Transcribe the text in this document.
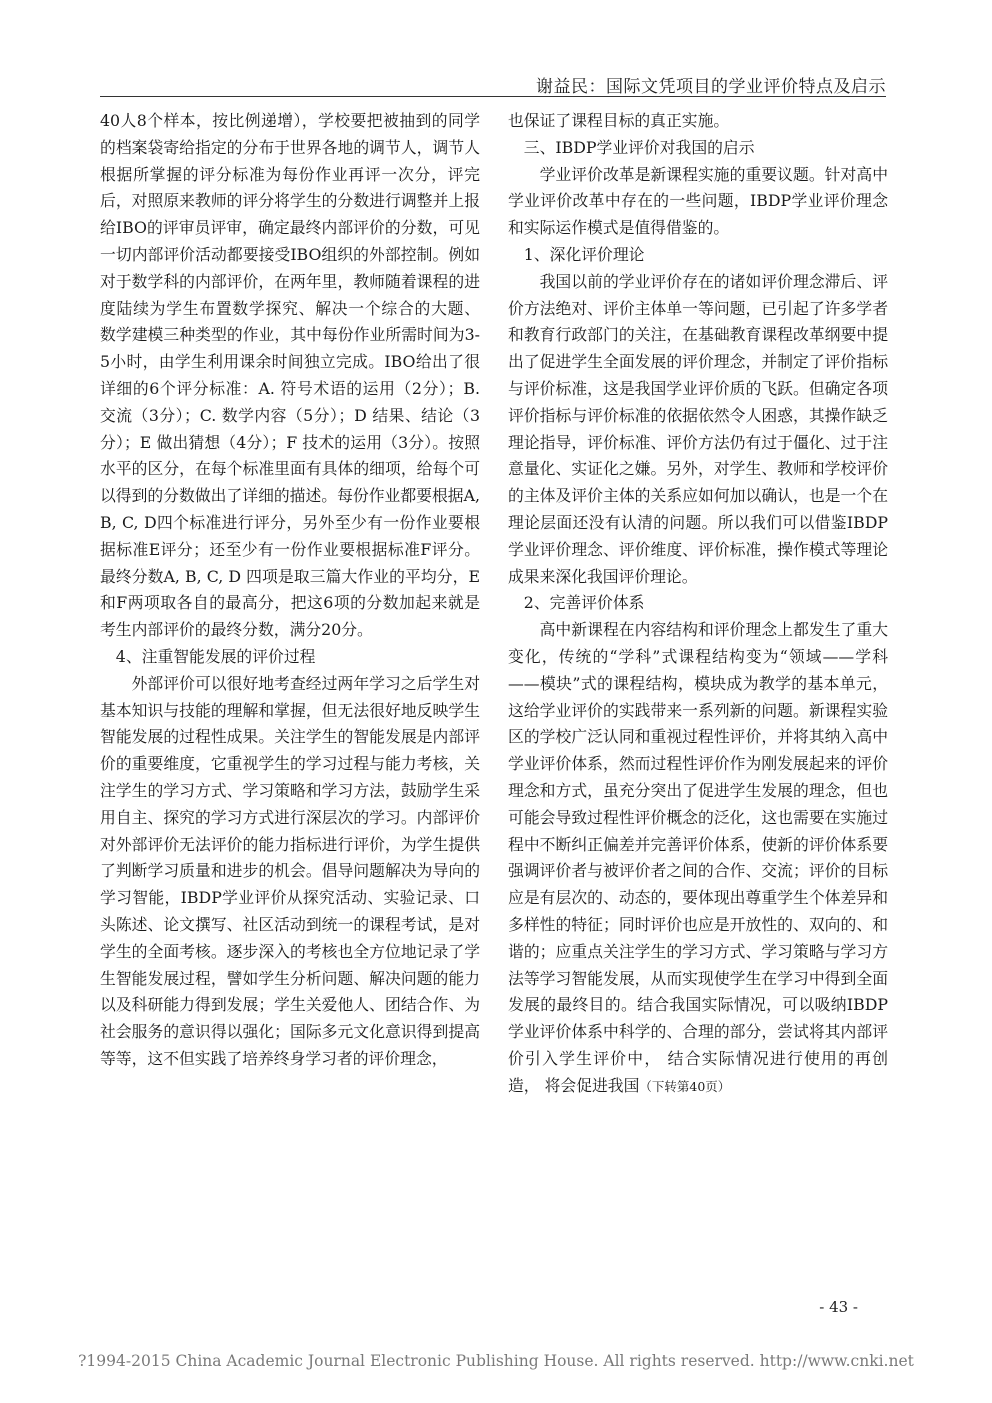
谢益民：国际文凭项目的学业评价特点及启示

40人8个样本，按比例递增），学校要把被抽到的同学的档案袋寄给指定的分布于世界各地的调节人，调节人根据所掌握的评分标准为每份作业再评一次分，评完后，对照原来教师的评分将学生的分数进行调整并上报给IBO的评审员评审，确定最终内部评价的分数，可见一切内部评价活动都要接受IBO组织的外部控制。例如对于数学科的内部评价，在两年里，教师随着课程的进度陆续为学生布置数学探究、解决一个综合的大题、 数学建模三种类型的作业，其中每份作业所需时间为3-5小时，由学生利用课余时间独立完成。IBO给出了很详细的6个评分标准：A. 符号术语的运用（2分）；B. 交流（3分）；C. 数学内容（5分）；D 结果、结论（3分）；E 做出猜想（4分）；F 技术的运用（3分）。按照水平的区分，在每个标准里面有具体的细项，给每个可以得到的分数做出了详细的描述。每份作业都要根据A, B, C, D四个标准进行评分，另外至少有一份作业要根据标准E评分；还至少有一份作业要根据标准F评分。最终分数A, B, C, D 四项是取三篇大作业的平均分，E和F两项取各自的最高分，把这6项的分数加起来就是考生内部评价的最终分数，满分20分。

4、注重智能发展的评价过程

外部评价可以很好地考查经过两年学习之后学生对基本知识与技能的理解和掌握，但无法很好地反映学生智能发展的过程性成果。关注学生的智能发展是内部评价的重要维度，它重视学生的学习过程与能力考核，关注学生的学习方式、学习策略和学习方法，鼓励学生采用自主、探究的学习方式进行深层次的学习。内部评价对外部评价无法评价的能力指标进行评价，为学生提供了判断学习质量和进步的机会。倡导问题解决为导向的学习智能，IBDP学业评价从探究活动、实验记录、口头陈述、论文撰写、社区活动到统一的课程考试，是对学生的全面考核。逐步深入的考核也全方位地记录了学生智能发展过程，譬如学生分析问题、解决问题的能力以及科研能力得到发展；学生关爱他人、团结合作、为社会服务的意识得以强化；国际多元文化意识得到提高等等，这不但实践了培养终身学习者的评价理念，

也保证了课程目标的真正实施。

三、IBDP学业评价对我国的启示

学业评价改革是新课程实施的重要议题。针对高中学业评价改革中存在的一些问题，IBDP学业评价理念和实际运作模式是值得借鉴的。

1、深化评价理论

我国以前的学业评价存在的诸如评价理念滞后、评价方法绝对、评价主体单一等问题，已引起了许多学者和教育行政部门的关注，在基础教育课程改革纲要中提出了促进学生全面发展的评价理念，并制定了评价指标与评价标准，这是我国学业评价质的飞跃。但确定各项评价指标与评价标准的依据依然令人困惑，其操作缺乏理论指导，评价标准、评价方法仍有过于僵化、过于注意量化、实证化之嫌。另外，对学生、教师和学校评价的主体及评价主体的关系应如何加以确认，也是一个在理论层面还没有认清的问题。所以我们可以借鉴IBDP学业评价理念、评价维度、评价标准，操作模式等理论成果来深化我国评价理论。

2、完善评价体系

高中新课程在内容结构和评价理念上都发生了重大变化，传统的“学科”式课程结构变为“领域——学科——模块”式的课程结构，模块成为教学的基本单元，这给学业评价的实践带来一系列新的问题。新课程实验区的学校广泛认同和重视过程性评价，并将其纳入高中学业评价体系，然而过程性评价作为刚发展起来的评价理念和方式，虽充分突出了促进学生发展的理念，但也可能会导致过程性评价概念的泛化，这也需要在实施过程中不断纠正偏差并完善评价体系，使新的评价体系要强调评价者与被评价者之间的合作、交流；评价的目标应是有层次的、动态的，要体现出尊重学生个体差异和多样性的特征；同时评价也应是开放性的、双向的、和谐的；应重点关注学生的学习方式、学习策略与学习方法等学习智能发展，从而实现使学生在学习中得到全面发展的最终目的。结合我国实际情况，可以吸纳IBDP学业评价体系中科学的、合理的部分，尝试将其内部评价引入学生评价中， 结合实际情况进行使用的再创造， 将会促进我国（下转第40页）

- 43 -
?1994-2015 China Academic Journal Electronic Publishing House. All rights reserved. http://www.cnki.net
